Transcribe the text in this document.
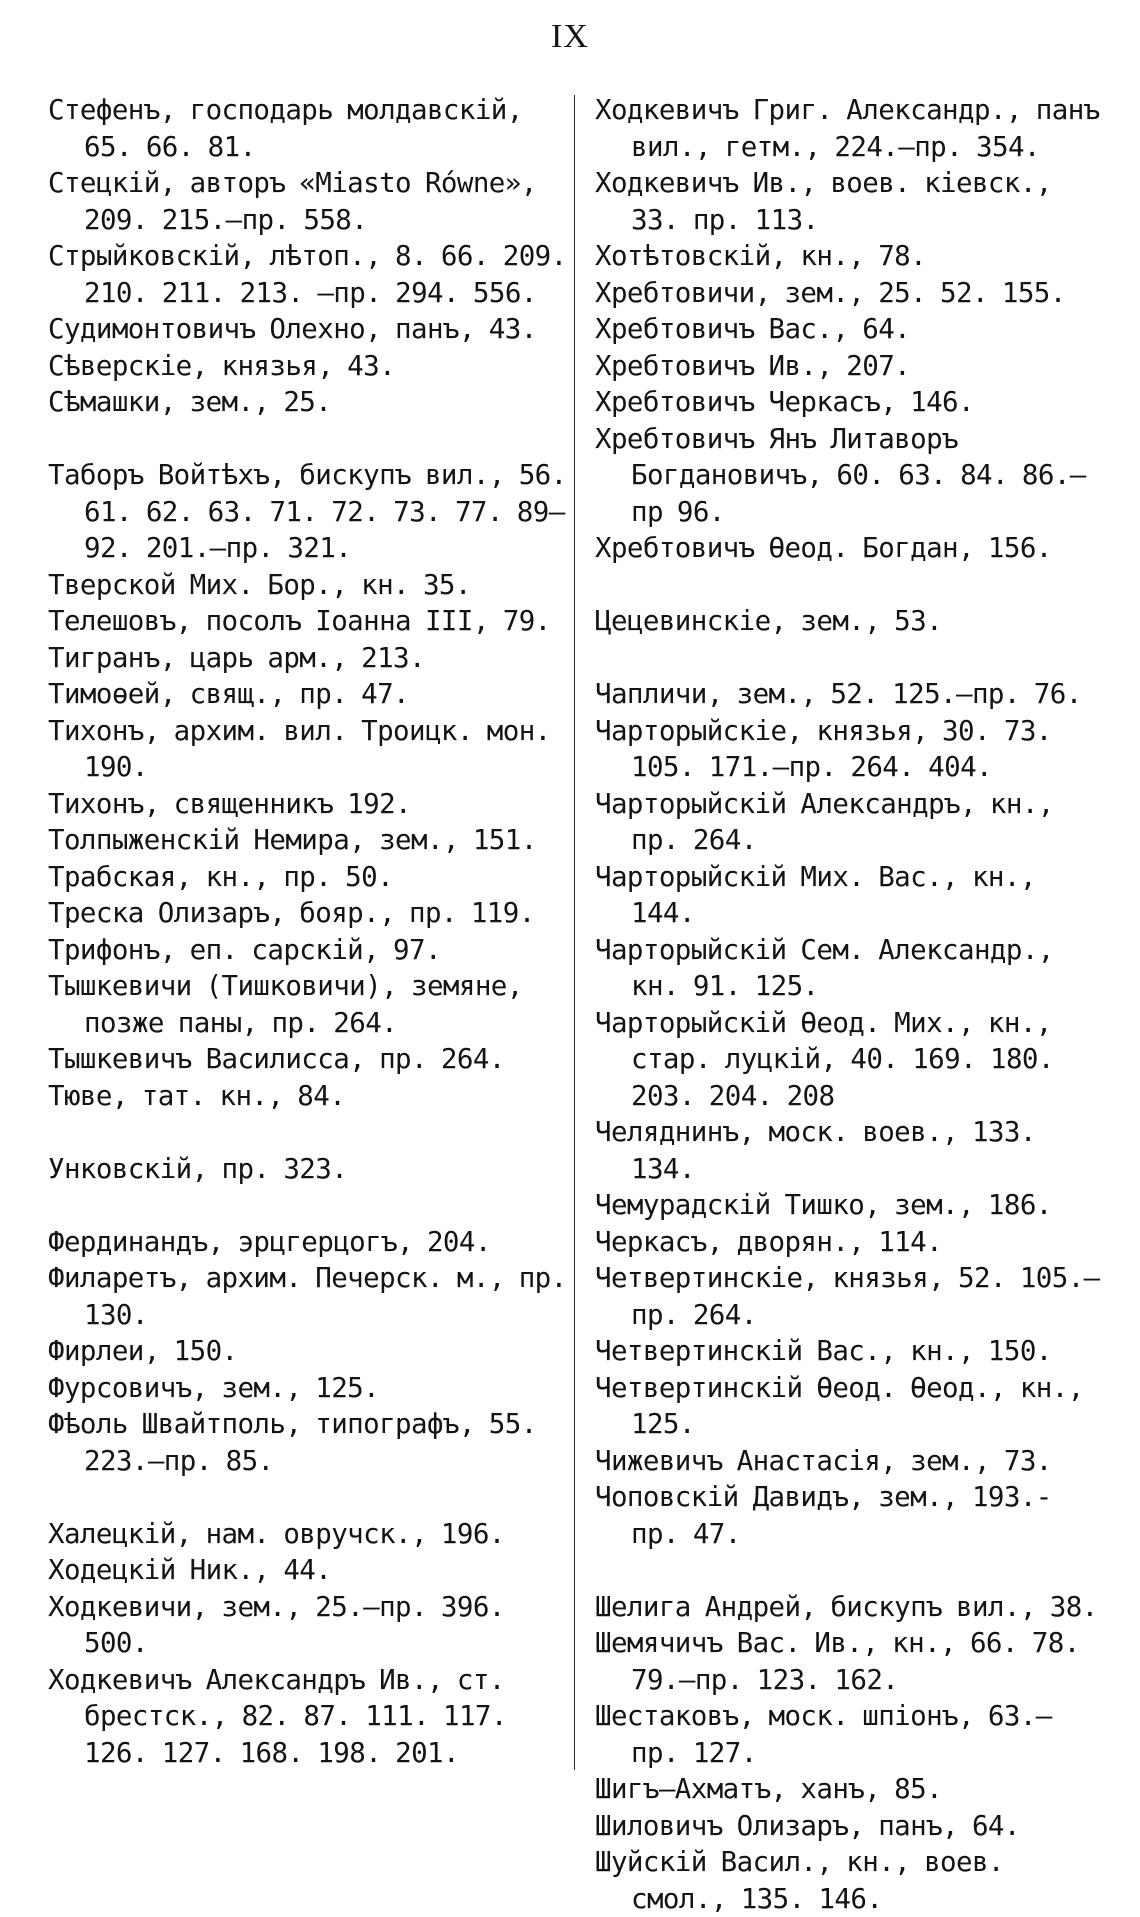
IX
Стефенъ, господарь молдавскій, 65. 66. 81.
Стецкій, авторъ «Miasto Równe», 209. 215.—пр. 558.
Стрыйковскій, лѣтоп., 8. 66. 209. 210. 211. 213. —пр. 294. 556.
Судимонтовичъ Олехно, панъ, 43.
Сѣверскіе, князья, 43.
Сѣмашки, зем., 25.
Таборъ Войтѣхъ, бискупъ вил., 56. 61. 62. 63. 71. 72. 73. 77. 89—92. 201.—пр. 321.
Тверской Мих. Бор., кн. 35.
Телешовъ, посолъ Іоанна III, 79.
Тигранъ, царь арм., 213.
Тимоѳей, свящ., пр. 47.
Тихонъ, архим. вил. Троицк. мон. 190.
Тихонъ, священникъ 192.
Толпыженскій Немира, зем., 151.
Трабская, кн., пр. 50.
Треска Олизаръ, бояр., пр. 119.
Трифонъ, еп. сарскій, 97.
Тышкевичи (Тишковичи), земяне, позже паны, пр. 264.
Тышкевичъ Василисса, пр. 264.
Тюве, тат. кн., 84.
Унковскій, пр. 323.
Фердинандъ, эрцгерцогъ, 204.
Филаретъ, архим. Печерск. м., пр. 130.
Фирлеи, 150.
Фурсовичъ, зем., 125.
Фѣоль Швайтполь, типографъ, 55. 223.—пр. 85.
Халецкій, нам. овручск., 196.
Ходецкій Ник., 44.
Ходкевичи, зем., 25.—пр. 396. 500.
Ходкевичъ Александръ Ив., ст. брестск., 82. 87. 111. 117. 126. 127. 168. 198. 201.
Ходкевичъ Григ. Александр., панъ вил., гетм., 224.—пр. 354.
Ходкевичъ Ив., воев. кіевск., 33. пр. 113.
Хотѣтовскій, кн., 78.
Хребтовичи, зем., 25. 52. 155.
Хребтовичъ Вас., 64.
Хребтовичъ Ив., 207.
Хребтовичъ Черкасъ, 146.
Хребтовичъ Янъ Литаворъ Богдановичъ, 60. 63. 84. 86.—пр 96.
Хребтовичъ Ѳеод. Богдан, 156.
Цецевинскіе, зем., 53.
Чапличи, зем., 52. 125.—пр. 76.
Чарторыйскіе, князья, 30. 73. 105. 171.—пр. 264. 404.
Чарторыйскій Александръ, кн., пр. 264.
Чарторыйскій Мих. Вас., кн., 144.
Чарторыйскій Сем. Александр., кн. 91. 125.
Чарторыйскій Ѳеод. Мих., кн., стар. луцкій, 40. 169. 180. 203. 204. 208
Челяднинъ, моск. воев., 133. 134.
Чемурадскій Тишко, зем., 186.
Черкасъ, дворян., 114.
Четвертинскіе, князья, 52. 105.— пр. 264.
Четвертинскій Вас., кн., 150.
Четвертинскій Ѳеод. Ѳеод., кн., 125.
Чижевичъ Анастасія, зем., 73.
Чоповскій Давидъ, зем., 193.- пр. 47.
Шелига Андрей, бискупъ вил., 38.
Шемячичъ Вас. Ив., кн., 66. 78. 79.—пр. 123. 162.
Шестаковъ, моск. шпіонъ, 63.— пр. 127.
Шигъ—Ахматъ, ханъ, 85.
Шиловичъ Олизаръ, панъ, 64.
Шуйскій Васил., кн., воев. смол., 135. 146.
